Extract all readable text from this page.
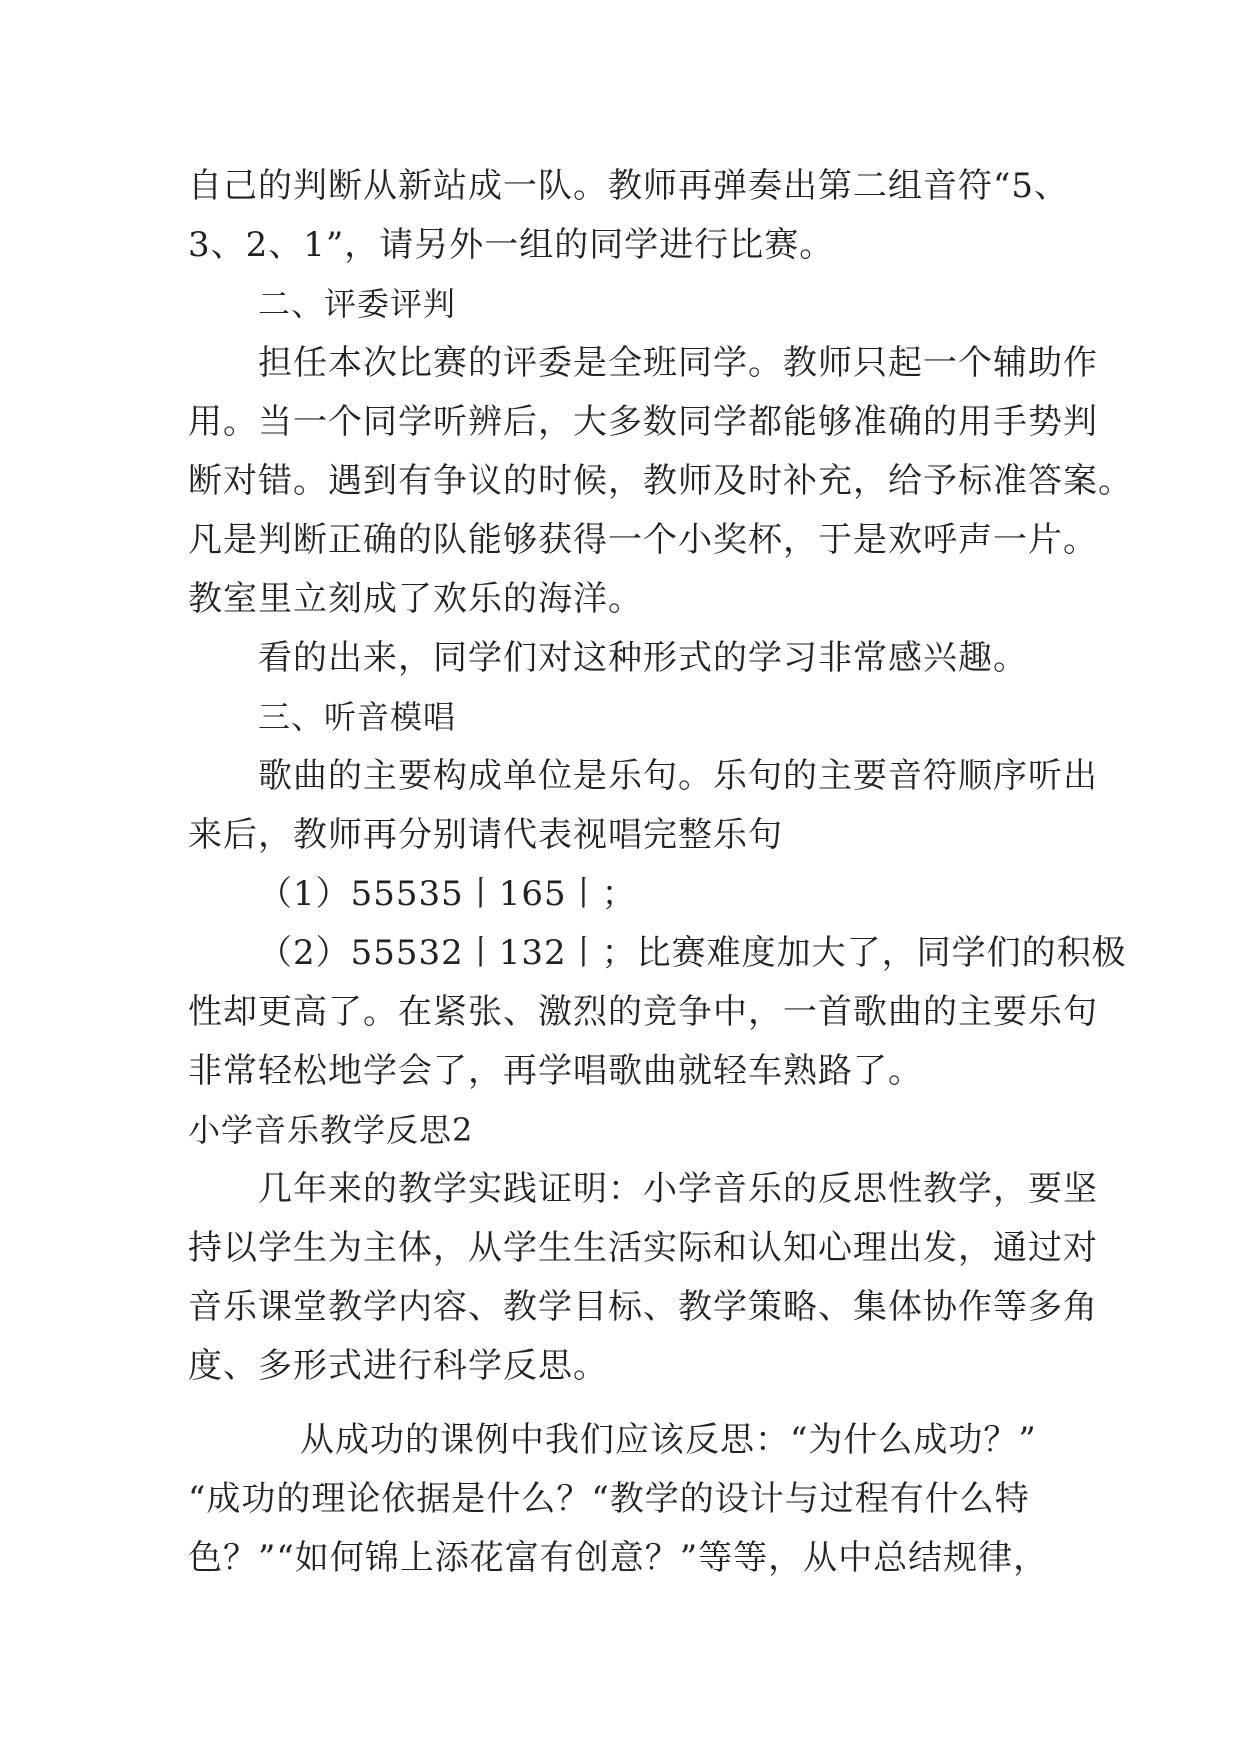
自己的判断从新站成一队。教师再弹奏出第二组音符“5、
3、2、1”，请另外一组的同学进行比赛。
二、评委评判
担任本次比赛的评委是全班同学。教师只起一个辅助作
用。当一个同学听辨后，大多数同学都能够准确的用手势判
断对错。遇到有争议的时候，教师及时补充，给予标准答案。
凡是判断正确的队能够获得一个小奖杯，于是欢呼声一片。
教室里立刻成了欢乐的海洋。
看的出来，同学们对这种形式的学习非常感兴趣。
三、听音模唱
歌曲的主要构成单位是乐句。乐句的主要音符顺序听出
来后，教师再分别请代表视唱完整乐句
（1）55535丨165丨；
（2）55532丨132丨；比赛难度加大了，同学们的积极
性却更高了。在紧张、激烈的竞争中，一首歌曲的主要乐句
非常轻松地学会了，再学唱歌曲就轻车熟路了。
小学音乐教学反思2
几年来的教学实践证明：小学音乐的反思性教学，要坚
持以学生为主体，从学生生活实际和认知心理出发，通过对
音乐课堂教学内容、教学目标、教学策略、集体协作等多角
度、多形式进行科学反思。
从成功的课例中我们应该反思：“为什么成功？”
“成功的理论依据是什么？“教学的设计与过程有什么特
色？”“如何锦上添花富有创意？”等等，从中总结规律，
